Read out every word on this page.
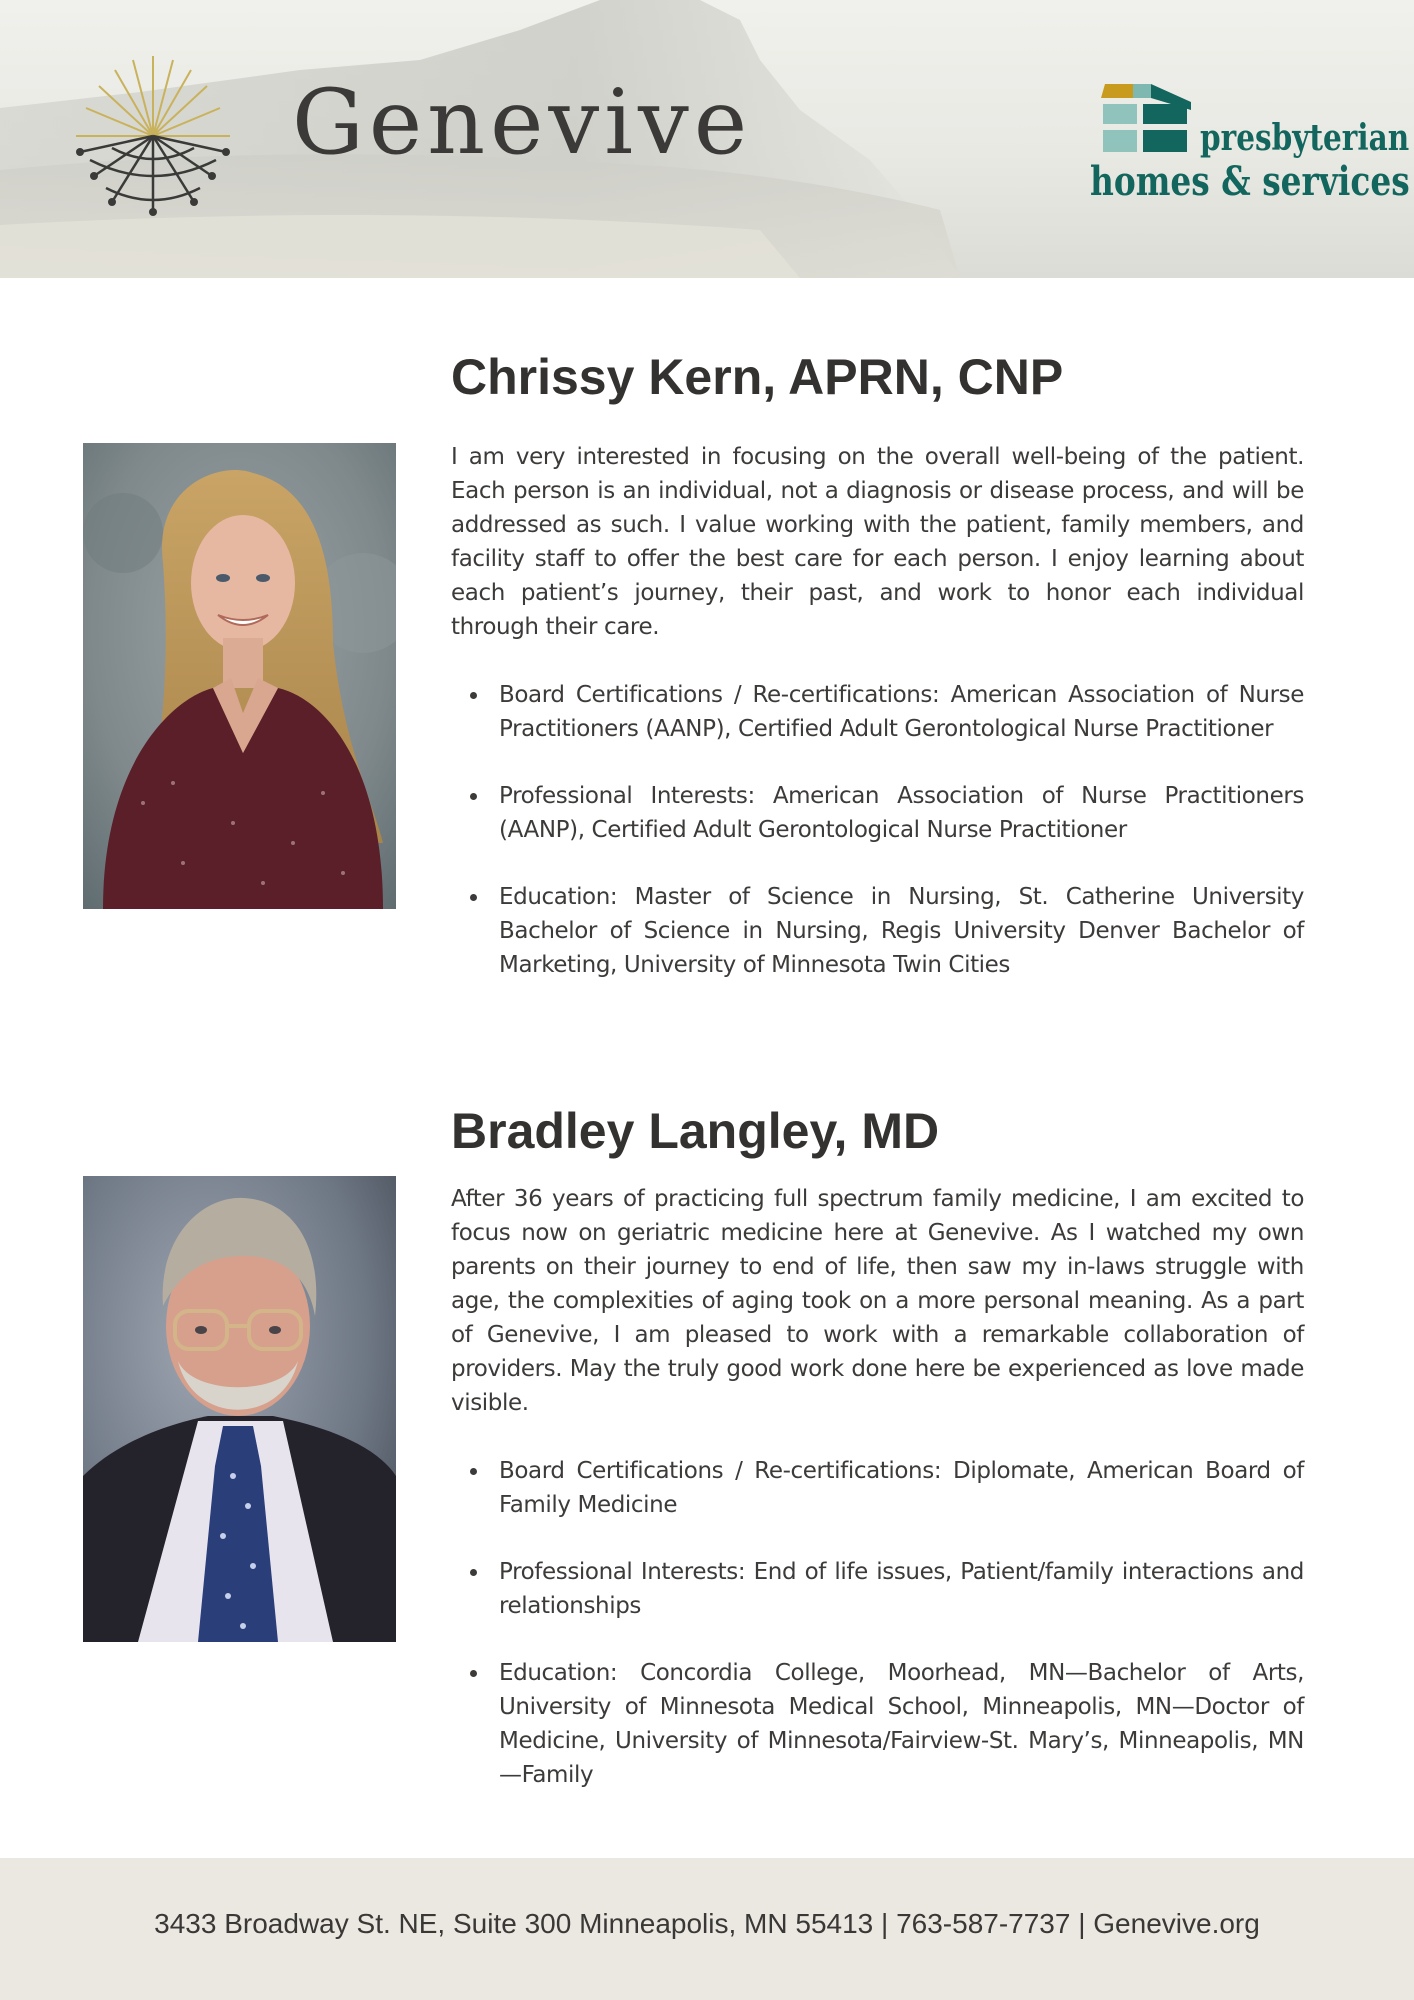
Genevive	presbyterian
homes & services
Chrissy Kern, APRN, CNP

I am very interested in focusing on the overall well-being of the patient. Each person is an individual, not a diagnosis or disease process, and will be addressed as such. I value working with the patient, family members, and facility staff to offer the best care for each person. I enjoy learning about each patient’s journey, their past, and work to honor each individual through their care.

Board Certifications / Re-certifications: American Association of Nurse Practitioners (AANP), Certified Adult Gerontological Nurse Practitioner
Professional Interests: American Association of Nurse Practitioners (AANP), Certified Adult Gerontological Nurse Practitioner
Education: Master of Science in Nursing, St. Catherine University Bachelor of Science in Nursing, Regis University Denver Bachelor of Marketing, University of Minnesota Twin Cities
Bradley Langley, MD

After 36 years of practicing full spectrum family medicine, I am excited to focus now on geriatric medicine here at Genevive. As I watched my own parents on their journey to end of life, then saw my in-laws struggle with age, the complexities of aging took on a more personal meaning. As a part of Genevive, I am pleased to work with a remarkable collaboration of providers. May the truly good work done here be experienced as love made visible.

Board Certifications / Re-certifications: Diplomate, American Board of Family Medicine
Professional Interests: End of life issues, Patient/family interactions and relationships
Education: Concordia College, Moorhead, MN—Bachelor of Arts, University of Minnesota Medical School, Minneapolis, MN—Doctor of Medicine, University of Minnesota/Fairview-St. Mary’s, Minneapolis, MN —Family
3433 Broadway St. NE, Suite 300 Minneapolis, MN 55413 | 763-587-7737 | Genevive.org
